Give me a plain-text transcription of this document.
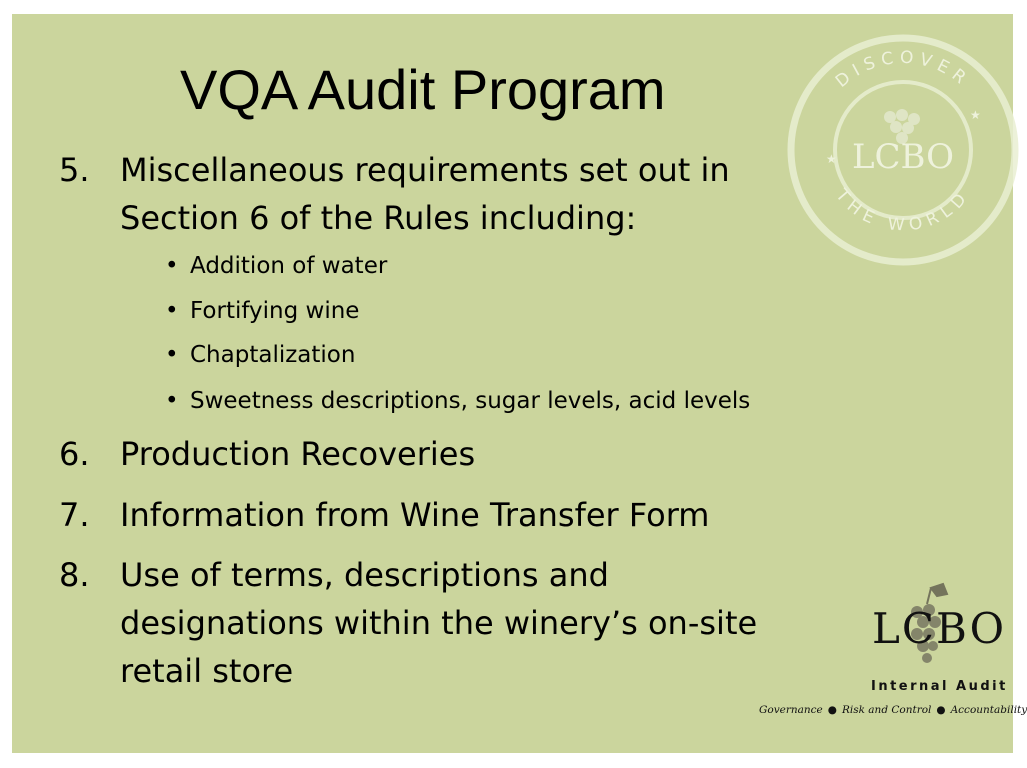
DISCOVER
THE WORLD
★
★
LCBO
VQA Audit Program
5. Miscellaneous requirements set out in
Section 6 of the Rules including:
• Addition of water
• Fortifying wine
• Chaptalization
• Sweetness descriptions, sugar levels, acid levels
6. Production Recoveries
7. Information from Wine Transfer Form
8. Use of terms, descriptions and
designations within the winery’s on-site
retail store
LCBO
Internal Audit
Governance ● Risk and Control ● Accountability
